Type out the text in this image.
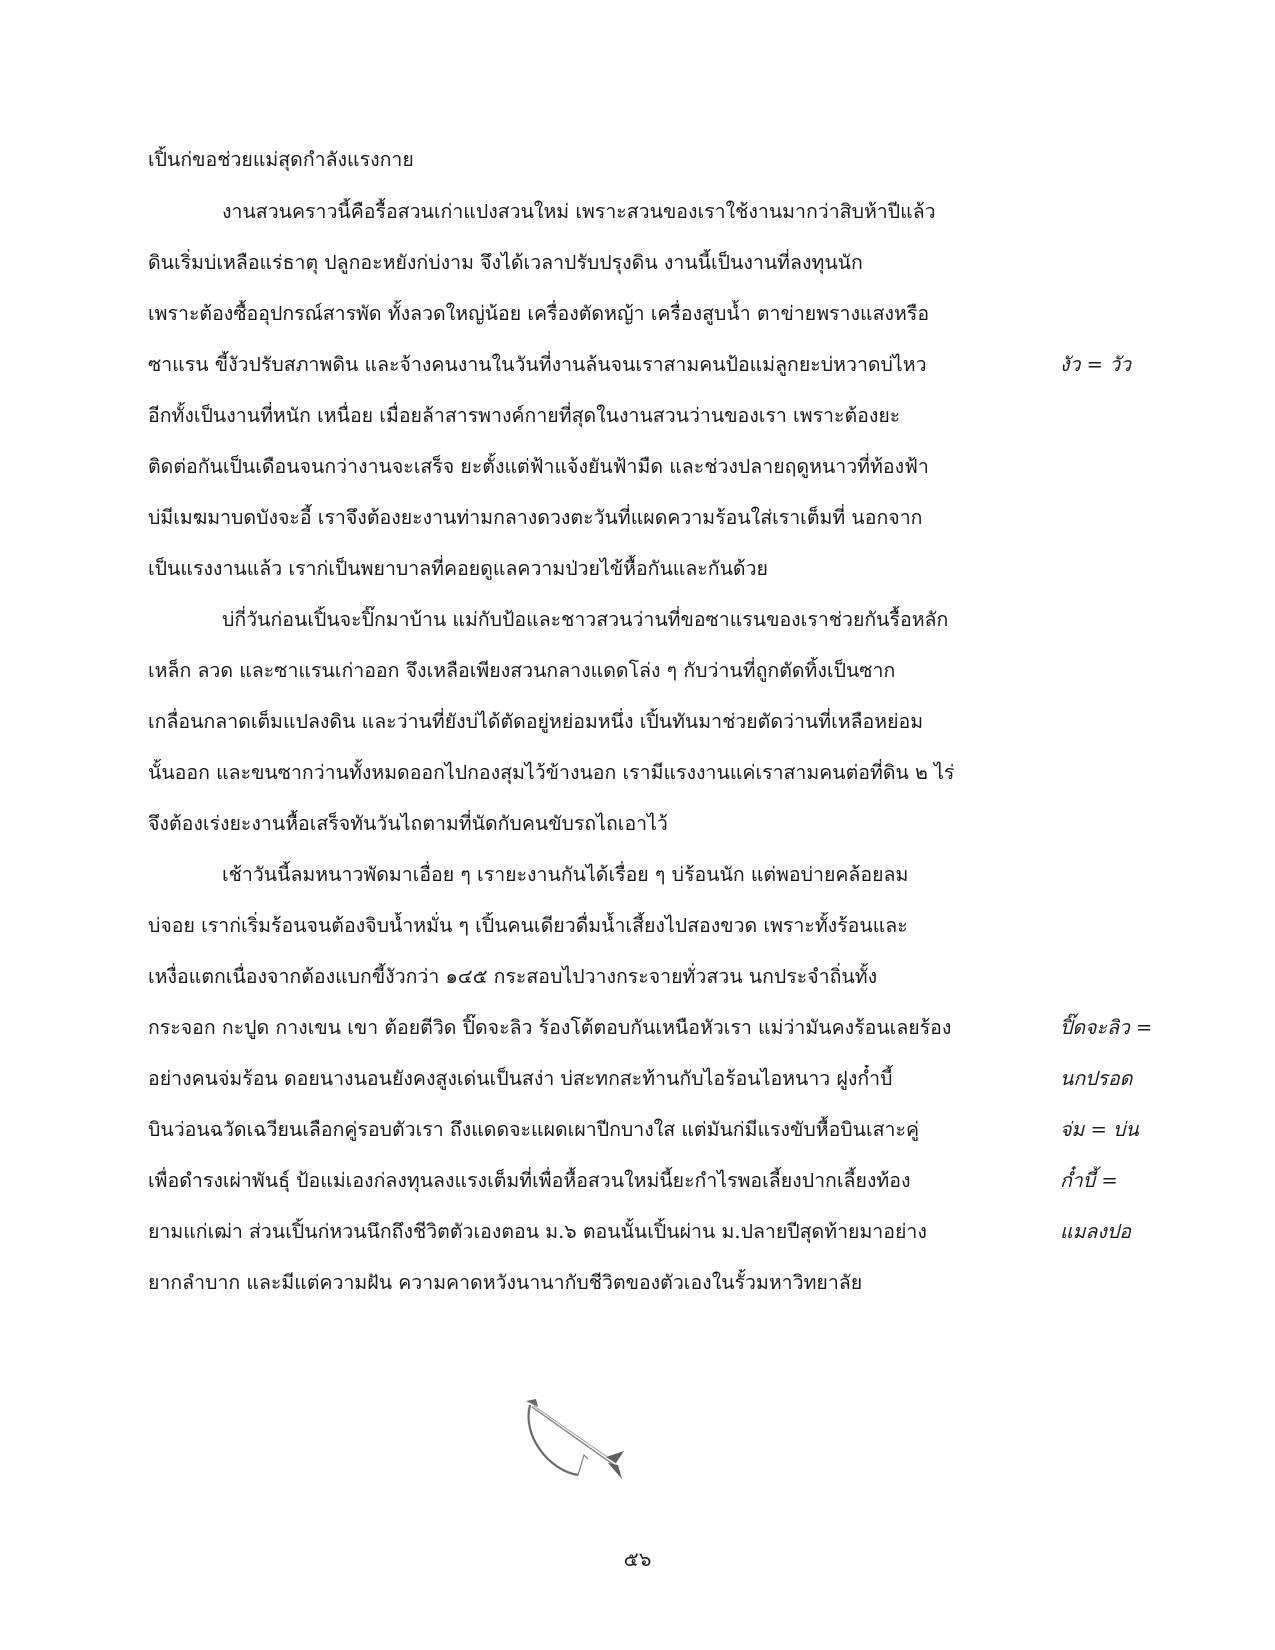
เปิ้นก่ขอช่วยแม่สุดกำลังแรงกาย
งานสวนคราวนี้คือรื้อสวนเก่าแปงสวนใหม่ เพราะสวนของเราใช้งานมากว่าสิบห้าปีแล้ว
ดินเริ่มบ่เหลือแร่ธาตุ ปลูกอะหยังก่บ่งาม จึงได้เวลาปรับปรุงดิน งานนี้เป็นงานที่ลงทุนนัก
เพราะต้องซื้ออุปกรณ์สารพัด ทั้งลวดใหญ่น้อย เครื่องตัดหญ้า เครื่องสูบน้ำ ตาข่ายพรางแสงหรือ
ซาแรน ขี้งัวปรับสภาพดิน และจ้างคนงานในวันที่งานล้นจนเราสามคนป้อแม่ลูกยะบ่หวาดบ่ไหว
อีกทั้งเป็นงานที่หนัก เหนื่อย เมื่อยล้าสารพางค์กายที่สุดในงานสวนว่านของเรา เพราะต้องยะ
ติดต่อกันเป็นเดือนจนกว่างานจะเสร็จ ยะตั้งแต่ฟ้าแจ้งยันฟ้ามืด และช่วงปลายฤดูหนาวที่ท้องฟ้า
บ่มีเมฆมาบดบังจะอี้ เราจึงต้องยะงานท่ามกลางดวงตะวันที่แผดความร้อนใส่เราเต็มที่ นอกจาก
เป็นแรงงานแล้ว เราก่เป็นพยาบาลที่คอยดูแลความป่วยไข้หื้อกันและกันด้วย
บ่กี่วันก่อนเปิ้นจะปิ๊กมาบ้าน แม่กับป้อและชาวสวนว่านที่ขอซาแรนของเราช่วยกันรื้อหลัก
เหล็ก ลวด และซาแรนเก่าออก จึงเหลือเพียงสวนกลางแดดโล่ง ๆ กับว่านที่ถูกตัดทิ้งเป็นซาก
เกลื่อนกลาดเต็มแปลงดิน และว่านที่ยังบ่ได้ตัดอยู่หย่อมหนึ่ง เปิ้นทันมาช่วยตัดว่านที่เหลือหย่อม
นั้นออก และขนซากว่านทั้งหมดออกไปกองสุมไว้ข้างนอก เรามีแรงงานแค่เราสามคนต่อที่ดิน ๒ ไร่
จึงต้องเร่งยะงานหื้อเสร็จทันวันไถตามที่นัดกับคนขับรถไถเอาไว้
เช้าวันนี้ลมหนาวพัดมาเอื่อย ๆ เรายะงานกันได้เรื่อย ๆ บ่ร้อนนัก แต่พอบ่ายคล้อยลม
บ่จอย เราก่เริ่มร้อนจนต้องจิบน้ำหมั่น ๆ เปิ้นคนเดียวดื่มน้ำเสี้ยงไปสองขวด เพราะทั้งร้อนและ
เหงื่อแตกเนื่องจากต้องแบกขี้งัวกว่า ๑๔๕ กระสอบไปวางกระจายทั่วสวน นกประจำถิ่นทั้ง
กระจอก กะปูด กางเขน เขา ต้อยตีวิด ปิ๊ดจะลิว ร้องโต้ตอบกันเหนือหัวเรา แม่ว่ามันคงร้อนเลยร้อง
อย่างคนจ่มร้อน ดอยนางนอนยังคงสูงเด่นเป็นสง่า บ่สะทกสะท้านกับไอร้อนไอหนาว ฝูงก๋ำบี้
บินว่อนฉวัดเฉวียนเลือกคู่รอบตัวเรา ถึงแดดจะแผดเผาปีกบางใส แต่มันก่มีแรงขับหื้อบินเสาะคู่
เพื่อดำรงเผ่าพันธุ์ ป้อแม่เองก่ลงทุนลงแรงเต็มที่เพื่อหื้อสวนใหม่นี้ยะกำไรพอเลี้ยงปากเลี้ยงท้อง
ยามแก่เฒ่า ส่วนเปิ้นก่หวนนึกถึงชีวิตตัวเองตอน ม.๖ ตอนนั้นเปิ้นผ่าน ม.ปลายปีสุดท้ายมาอย่าง
ยากลำบาก และมีแต่ความฝัน ความคาดหวังนานากับชีวิตของตัวเองในรั้วมหาวิทยาลัย
งัว = วัว
ปิ๊ดจะลิว =
นกปรอด
จ่ม = บ่น
ก๋ำบี้ =
แมลงปอ
๕๖
